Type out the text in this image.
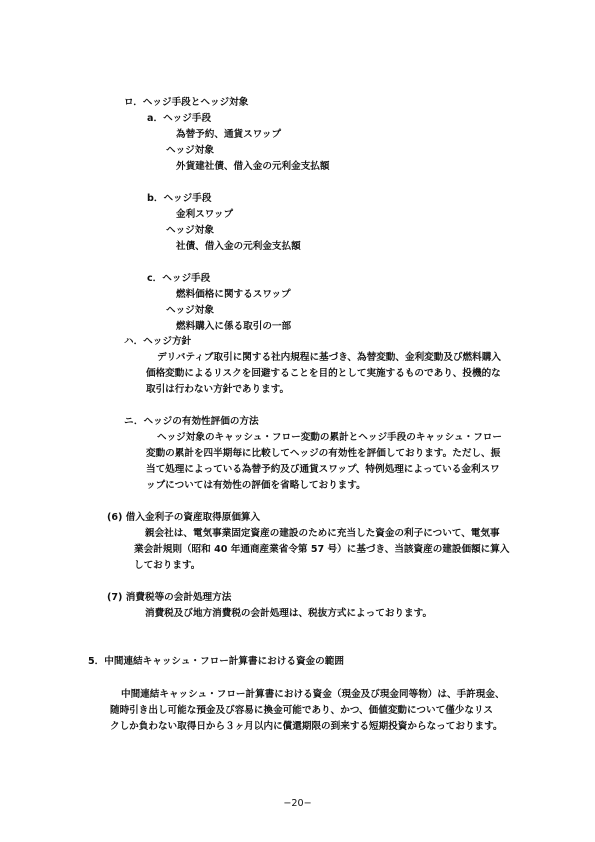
ロ．ヘッジ手段とヘッジ対象
a．ヘッジ手段
為替予約、通貨スワップ
ヘッジ対象
外貨建社債、借入金の元利金支払額
b．ヘッジ手段
金利スワップ
ヘッジ対象
社債、借入金の元利金支払額
c．ヘッジ手段
燃料価格に関するスワップ
ヘッジ対象
燃料購入に係る取引の一部
ハ．ヘッジ方針
デリバティブ取引に関する社内規程に基づき、為替変動、金利変動及び燃料購入
価格変動によるリスクを回避することを目的として実施するものであり、投機的な
取引は行わない方針であります。
ニ．ヘッジの有効性評価の方法
ヘッジ対象のキャッシュ・フロー変動の累計とヘッジ手段のキャッシュ・フロー
変動の累計を四半期毎に比較してヘッジの有効性を評価しております。ただし、振
当て処理によっている為替予約及び通貨スワップ、特例処理によっている金利スワ
ップについては有効性の評価を省略しております。
(6) 借入金利子の資産取得原価算入
親会社は、電気事業固定資産の建設のために充当した資金の利子について、電気事
業会計規則（昭和 40 年通商産業省令第 57 号）に基づき、当該資産の建設価額に算入
しております。
(7) 消費税等の会計処理方法
消費税及び地方消費税の会計処理は、税抜方式によっております。
5．中間連結キャッシュ・フロー計算書における資金の範囲
中間連結キャッシュ・フロー計算書における資金（現金及び現金同等物）は、手許現金、
随時引き出し可能な預金及び容易に換金可能であり、かつ、価値変動について僅少なリス
クしか負わない取得日から３ヶ月以内に償還期限の到来する短期投資からなっております。
−20−
